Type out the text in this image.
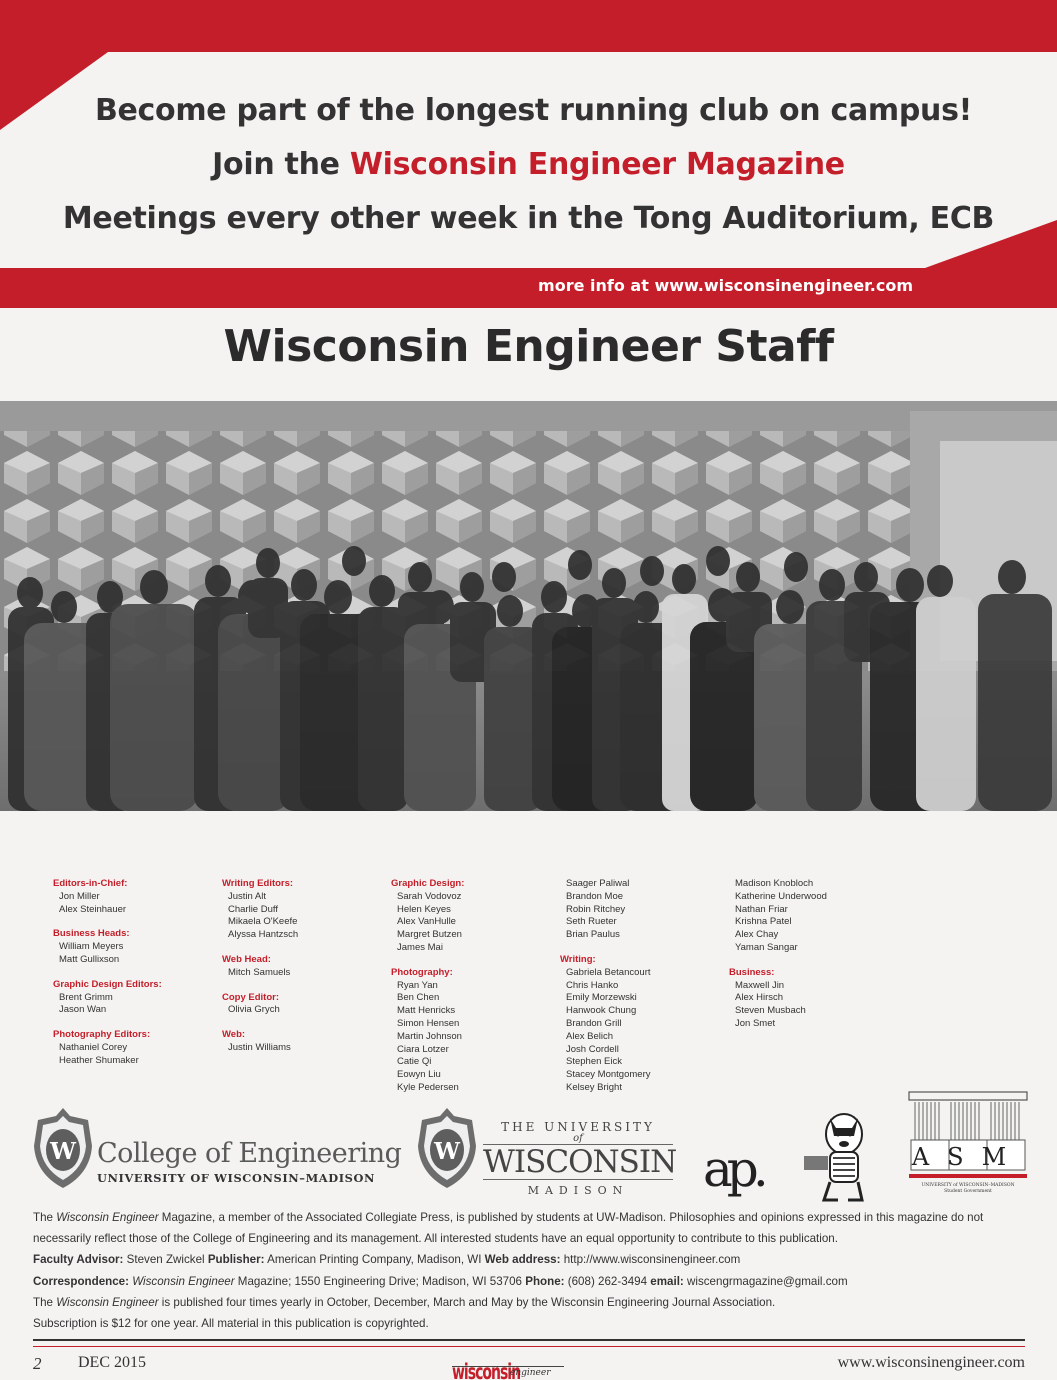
Become part of the longest running club on campus!
Join the Wisconsin Engineer Magazine
Meetings every other week in the Tong Auditorium, ECB
more info at www.wisconsinengineer.com
Wisconsin Engineer Staff
Editors-in-Chief:
Jon Miller
Alex Steinhauer
Business Heads:
William Meyers
Matt Gullixson
Graphic Design Editors:
Brent Grimm
Jason Wan
Photography Editors:
Nathaniel Corey
Heather Shumaker
Writing Editors:
Justin Alt
Charlie Duff
Mikaela O'Keefe
Alyssa Hantzsch
Web Head:
Mitch Samuels
Copy Editor:
Olivia Grych
Web:
Justin Williams
Graphic Design:
Sarah Vodovoz
Helen Keyes
Alex VanHulle
Margret Butzen
James Mai
Photography:
Ryan Yan
Ben Chen
Matt Henricks
Simon Hensen
Martin Johnson
Ciara Lotzer
Catie Qi
Eowyn Liu
Kyle Pedersen
Saager Paliwal
Brandon Moe
Robin Ritchey
Seth Rueter
Brian Paulus
Writing:
Gabriela Betancourt
Chris Hanko
Emily Morzewski
Hanwook Chung
Brandon Grill
Alex Belich
Josh Cordell
Stephen Eick
Stacey Montgomery
Kelsey Bright
Madison Knobloch
Katherine Underwood
Nathan Friar
Krishna Patel
Alex Chay
Yaman Sangar
Business:
Maxwell Jin
Alex Hirsch
Steven Musbach
Jon Smet
W College of Engineering
UNIVERSITY OF WISCONSIN–MADISON
W
THE UNIVERSITY
of
WISCONSIN
MADISON	ap.	ASM
UNIVERSITY of WISCONSIN–MADISON
Student Government
The Wisconsin Engineer Magazine, a member of the Associated Collegiate Press, is published by students at UW-Madison. Philosophies and opinions expressed in this magazine do not
necessarily reflect those of the College of Engineering and its management. All interested students have an equal opportunity to contribute to this publication.
Faculty Advisor: Steven Zwickel Publisher: American Printing Company, Madison, WI Web address: http://www.wisconsinengineer.com
Correspondence: Wisconsin Engineer Magazine; 1550 Engineering Drive; Madison, WI 53706 Phone: (608) 262-3494 email: wiscengrmagazine@gmail.com
The Wisconsin Engineer is published four times yearly in October, December, March and May by the Wisconsin Engineering Journal Association.
Subscription is $12 for one year. All material in this publication is copyrighted.
2 DEC 2015	wisconsin
engineer
www.wisconsinengineer.com
